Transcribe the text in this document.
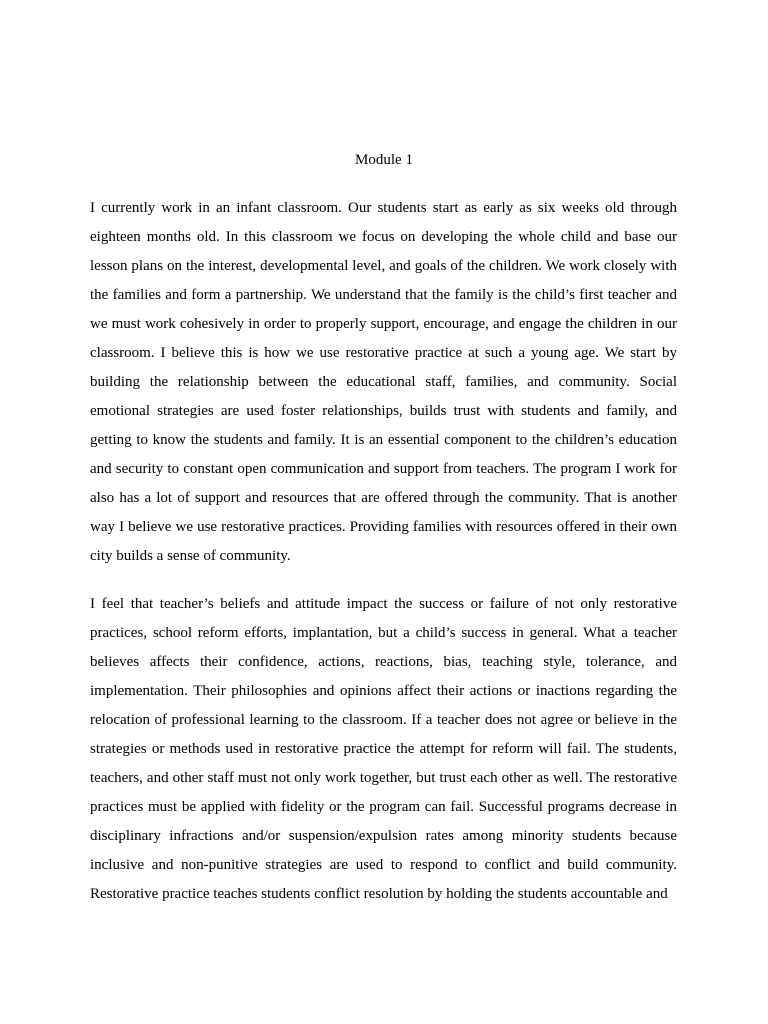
Module 1

I currently work in an infant classroom. Our students start as early as six weeks old through eighteen months old. In this classroom we focus on developing the whole child and base our lesson plans on the interest, developmental level, and goals of the children. We work closely with the families and form a partnership. We understand that the family is the child’s first teacher and we must work cohesively in order to properly support, encourage, and engage the children in our classroom. I believe this is how we use restorative practice at such a young age. We start by building the relationship between the educational staff, families, and community. Social emotional strategies are used foster relationships, builds trust with students and family, and getting to know the students and family. It is an essential component to the children’s education and security to constant open communication and support from teachers. The program I work for also has a lot of support and resources that are offered through the community. That is another way I believe we use restorative practices. Providing families with resources offered in their own city builds a sense of community.

I feel that teacher’s beliefs and attitude impact the success or failure of not only restorative practices, school reform efforts, implantation, but a child’s success in general. What a teacher believes affects their confidence, actions, reactions, bias, teaching style, tolerance, and implementation. Their philosophies and opinions affect their actions or inactions regarding the relocation of professional learning to the classroom. If a teacher does not agree or believe in the strategies or methods used in restorative practice the attempt for reform will fail. The students, teachers, and other staff must not only work together, but trust each other as well. The restorative practices must be applied with fidelity or the program can fail. Successful programs decrease in disciplinary infractions and/or suspension/expulsion rates among minority students because inclusive and non-punitive strategies are used to respond to conflict and build community. Restorative practice teaches students conflict resolution by holding the students accountable and
